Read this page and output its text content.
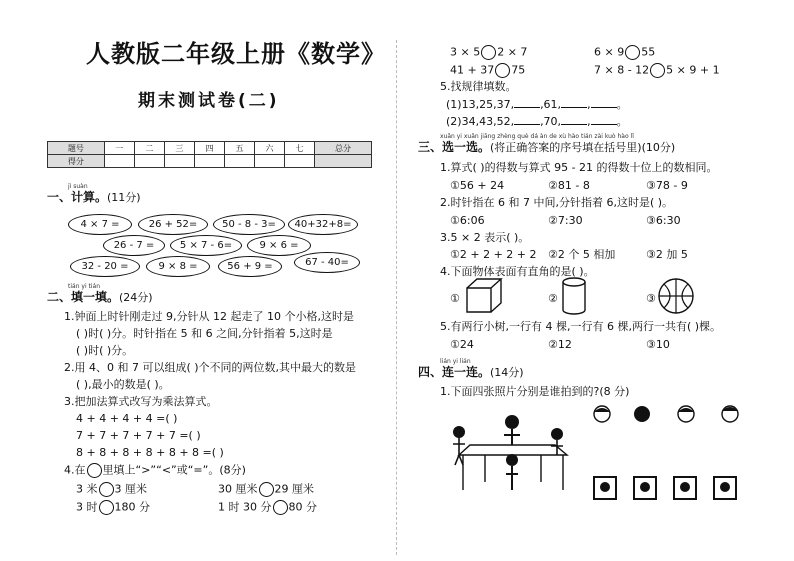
人教版二年级上册《数学》
期末测试卷(二)
题号	一	二	三	四	五	六	七	总分
得分								
jì suàn
一、计算。(11分)
4 × 7 =	26 + 52=	50 - 8 - 3=	40+32+8=
26 - 7 =	5 × 7 - 6=	9 × 6 =
32 - 20 =	9 × 8 =	56 + 9 =	67 - 40=
tián yi tián
二、填一填。(24分)
1.钟面上时针刚走过 9,分针从 12 起走了 10 个小格,这时是
( )时( )分。时针指在 5 和 6 之间,分针指着 5,这时是
( )时( )分。
2.用 4、0 和 7 可以组成( )个不同的两位数,其中最大的数是
( ),最小的数是( )。
3.把加法算式改写为乘法算式。
4 + 4 + 4 + 4 =( )
7 + 7 + 7 + 7 + 7 =( )
8 + 8 + 8 + 8 + 8 + 8 =( )
4.在 里填上“>”“<”或“=”。(8分)
3 米 3 厘米	30 厘米 29 厘米
3 时 180 分	1 时 30 分 80 分
3 × 5 2 × 7	6 × 9 55
41 + 37 75	7 × 8 - 12 5 × 9 + 1
5.找规律填数。
(1)13,25,37, ,61, , 。
(2)34,43,52, ,70, , 。
xuǎn yi xuǎn jiāng zhèng què dá àn de xù hào tián zài kuò hào lǐ
三、选一选。(将正确答案的序号填在括号里)(10分)
1.算式( )的得数与算式 95 - 21 的得数十位上的数相同。
①56 + 24	②81 - 8	③78 - 9
2.时针指在 6 和 7 中间,分针指着 6,这时是( )。
①6:06	②7:30	③6:30
3.5 × 2 表示( )。
①2 + 2 + 2 + 2 ②2 个 5 相加	③2 加 5
4.下面物体表面有直角的是( )。
①	②	③
5.有两行小树,一行有 4 棵,一行有 6 棵,两行一共有( )棵。
①24	②12	③10
lián yi lián
四、连一连。(14分)
1.下面四张照片分别是谁拍到的?(8 分)
